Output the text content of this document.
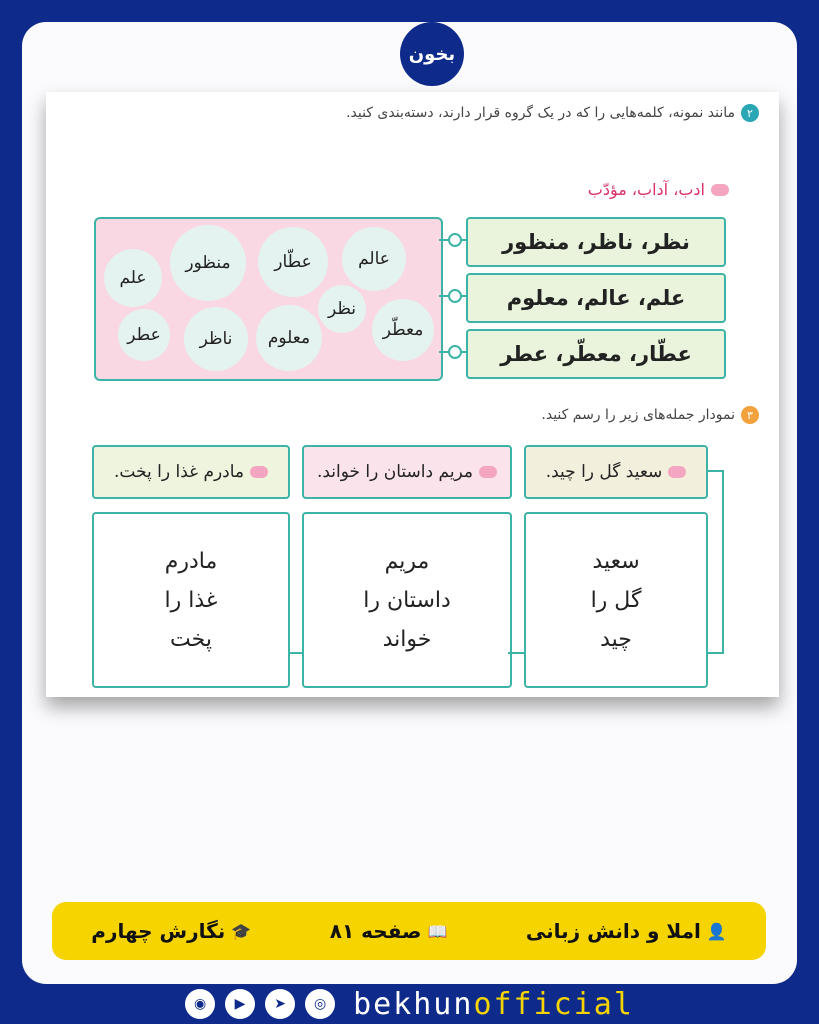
بخون
۲
مانند نمونه، کلمه‌هایی را که در یک گروه قرار دارند، دسته‌بندی کنید.
ادب، آداب، مؤدّب
علم
منظور	عطّار	عالم
نظر
معطّر
عطر	ناظر	معلوم
نظر، ناظر، منظور
علم، عالم، معلوم
عطّار، معطّر، عطر
۳
نمودار جمله‌های زیر را رسم کنید.
سعید گل را چید.
مریم داستان را خواند.
مادرم غذا را پخت.
سعید
گل را
چید
مریم
داستان را
خواند
مادرم
غذا را
پخت
👤
املا و دانش زبانی
📖
صفحه ۸۱
🎓
نگارش چهارم
◉	▶	➤	◎ bekhunofficial
